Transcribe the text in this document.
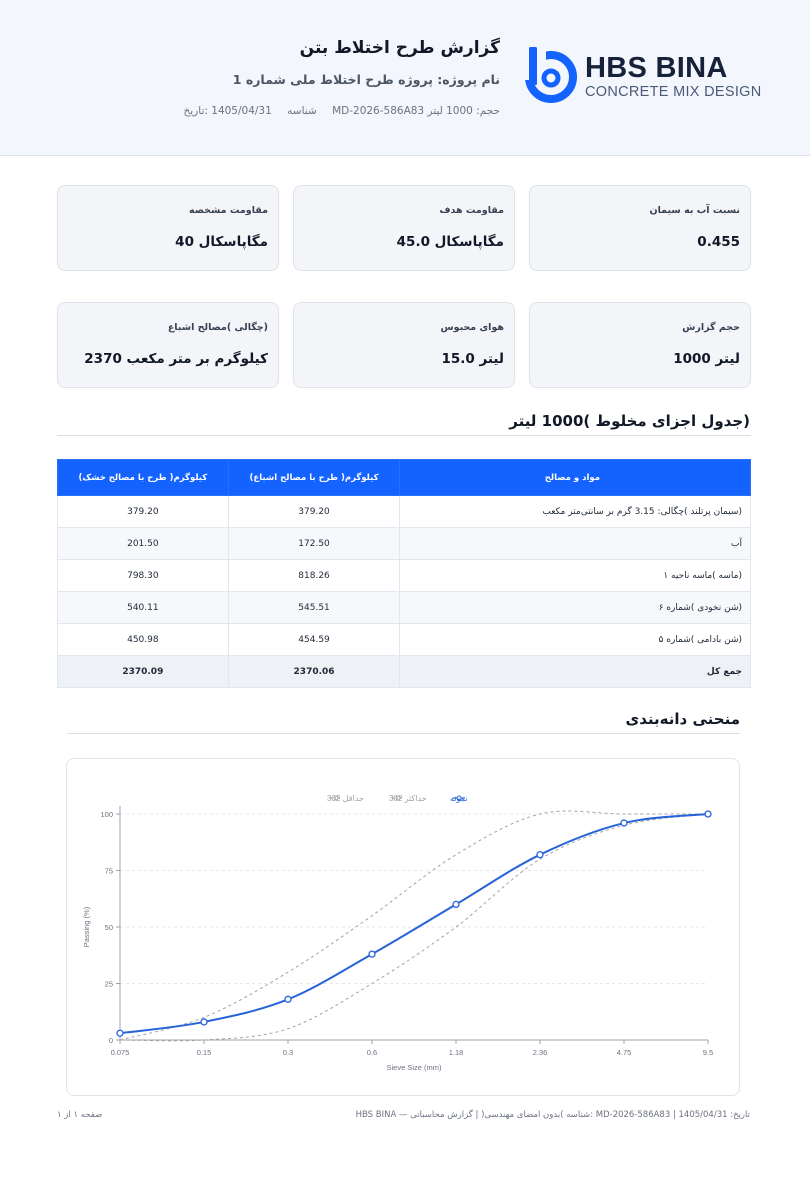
HBS BINA
CONCRETE MIX DESIGN
گزارش طرح اختلاط بتن
نام پروژه: پروژه طرح اختلاط ملی شماره 1
شناسه 1405/04/31 :تاریخ	MD-2026-586A83 حجم: 1000 لیتر
مقاومت مشخصه
مگاپاسکال 40
مقاومت هدف
مگاپاسکال 45.0
نسبت آب به سیمان
0.455
(چگالی )مصالح اشباع
کیلوگرم بر متر مکعب 2370
هوای محبوس
لیتر 15.0
حجم گزارش
لیتر 1000
(جدول اجزای مخلوط )1000 لیتر
(طرح با مصالح خشک )کیلوگرم	(طرح با مصالح اشباع )کیلوگرم	مواد و مصالح
379.20	379.20	(سیمان پرتلند )چگالی: 3.15 گرم بر سانتی‌متر مکعب
201.50	172.50	آب
798.30	818.26	(ماسه )ماسه ناحیه ۱
540.11	545.51	(شن نخودی )شماره ۶
450.98	454.59	(شن بادامی )شماره ۵
2370.09	2370.06	جمع کل
منحنی دانه‌بندی
0
25
50
75
100
0.075	0.15	0.3	0.6	1.18	2.36	4.75	9.5
Sieve Size (mm)
Passing (%)
نمونه
حداکثر 302
حداقل 302
صفحه ۱ از ۱	HBS BINA — شناسه )بدون امضای مهندسی( | گزارش محاسباتی: MD-2026-586A83 | 1405/04/31 :تاریخ
